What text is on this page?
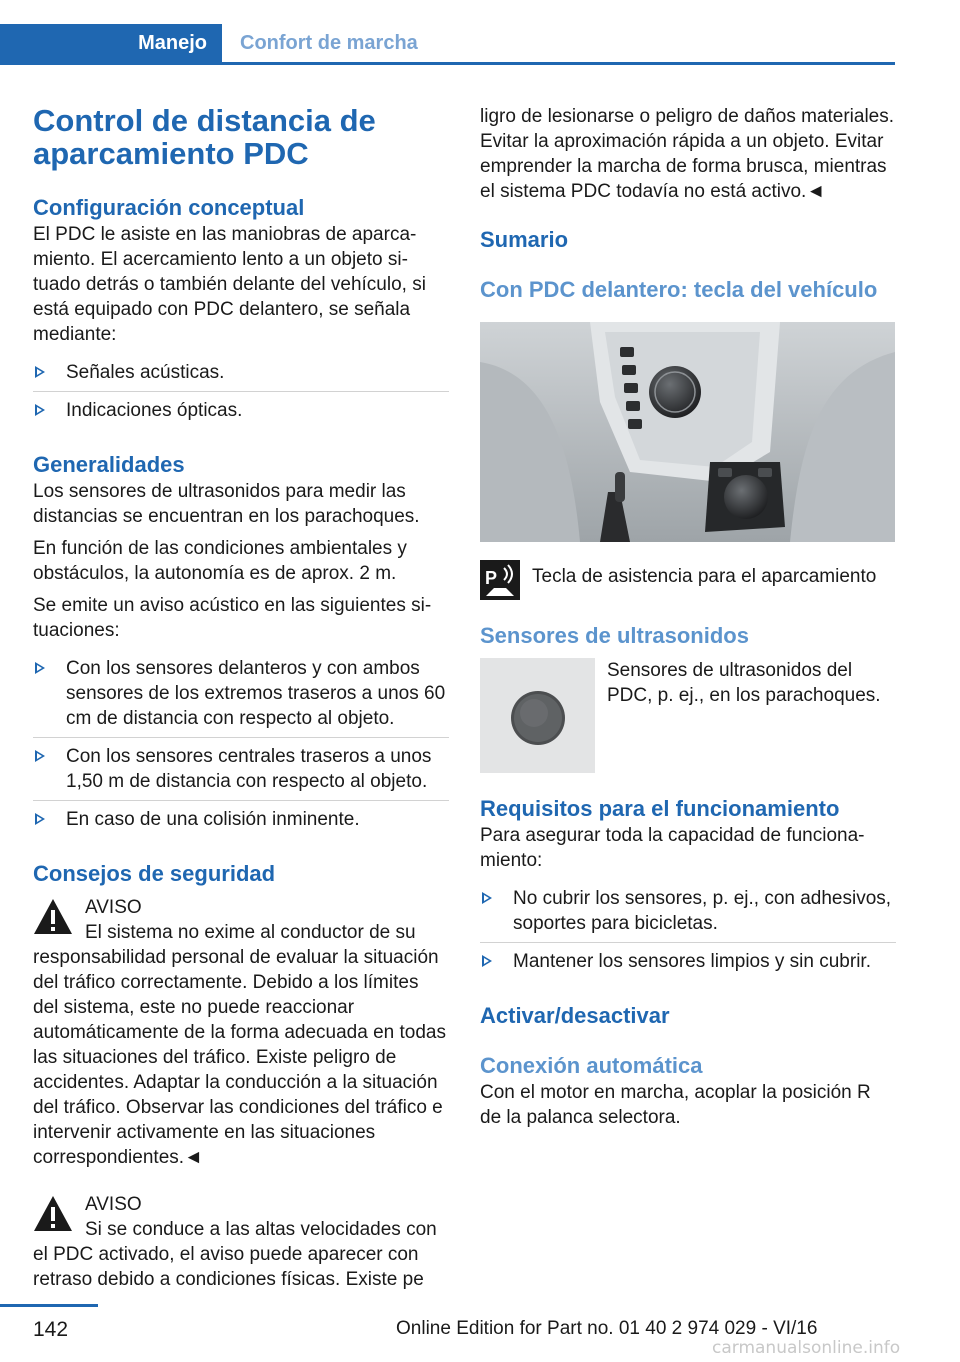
Manejo	Confort de marcha
Control de distancia de aparcamiento PDC
Configuración conceptual

El PDC le asiste en las maniobras de aparcamiento. El acercamiento lento a un objeto situado detrás o también delante del vehículo, si está equipado con PDC delantero, se señala mediante:

Señales acústicas.
Indicaciones ópticas.
Generalidades

Los sensores de ultrasonidos para medir las distancias se encuentran en los parachoques.

En función de las condiciones ambientales y obstáculos, la autonomía es de aprox. 2 m.

Se emite un aviso acústico en las siguientes situaciones:

Con los sensores delanteros y con ambos sensores de los extremos traseros a unos 60 cm de distancia con respecto al objeto.
Con los sensores centrales traseros a unos 1,50 m de distancia con respecto al objeto.
En caso de una colisión inminente.
Consejos de seguridad
AVISO
El sistema no exime al conductor de su responsabilidad personal de evaluar la situación del tráfico correctamente. Debido a los límites del sistema, este no puede reaccionar automáticamente de la forma adecuada en todas las situaciones del tráfico. Existe peligro de accidentes. Adaptar la conducción a la situación del tráfico. Observar las condiciones del tráfico e intervenir activamente en las situaciones correspondientes.◄
AVISO
Si se conduce a las altas velocidades con el PDC activado, el aviso puede aparecer con retraso debido a condiciones físicas. Existe pe

ligro de lesionarse o peligro de daños materiales. Evitar la aproximación rápida a un objeto. Evitar emprender la marcha de forma brusca, mientras el sistema PDC todavía no está activo.◄

Sumario
Con PDC delantero: tecla del vehículo
P Tecla de asistencia para el aparcamiento
Sensores de ultrasonidos
Sensores de ultrasonidos del PDC, p. ej., en los parachoques.
Requisitos para el funcionamiento

Para asegurar toda la capacidad de funcionamiento:

No cubrir los sensores, p. ej., con adhesivos, soportes para bicicletas.
Mantener los sensores limpios y sin cubrir.
Activar/desactivar
Conexión automática

Con el motor en marcha, acoplar la posición R de la palanca selectora.

142	Online Edition for Part no. 01 40 2 974 029 - VI/16
carmanualsonline.info
